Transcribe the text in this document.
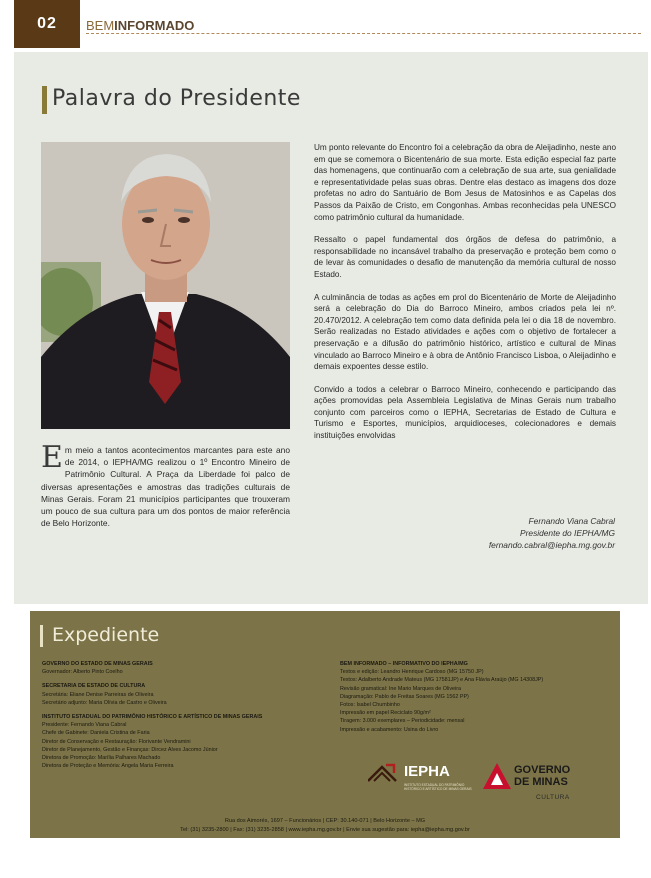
02	BEMINFORMADO
Palavra do Presidente
Em meio a tantos acontecimentos marcantes para este ano de 2014, o IEPHA/MG realizou o 1º Encontro Mineiro de Patrimônio Cultural. A Praça da Liberdade foi palco de diversas apresentações e amostras das tradições culturais de Minas Gerais. Foram 21 municípios participantes que trouxeram um pouco de sua cultura para um dos pontos de maior referência de Belo Horizonte.

Um ponto relevante do Encontro foi a celebração da obra de Aleijadinho, neste ano em que se comemora o Bicentenário de sua morte. Esta edição especial faz parte das homenagens, que continuarão com a celebração de sua arte, sua genialidade e representatividade pelas suas obras. Dentre elas destaco as imagens dos doze profetas no adro do Santuário de Bom Jesus de Matosinhos e as Capelas dos Passos da Paixão de Cristo, em Congonhas. Ambas reconhecidas pela UNESCO como patrimônio cultural da humanidade.

Ressalto o papel fundamental dos órgãos de defesa do patrimônio, a responsabilidade no incansável trabalho da preservação e proteção bem como o de levar às comunidades o desafio de manutenção da memória cultural de nosso Estado.

A culminância de todas as ações em prol do Bicentenário de Morte de Aleijadinho será a celebração do Dia do Barroco Mineiro, ambos criados pela lei nº. 20.470/2012. A celebração tem como data definida pela lei o dia 18 de novembro. Serão realizadas no Estado atividades e ações com o objetivo de fortalecer a preservação e a difusão do patrimônio histórico, artístico e cultural de Minas vinculado ao Barroco Mineiro e à obra de Antônio Francisco Lisboa, o Aleijadinho e demais expoentes desse estilo.

Convido a todos a celebrar o Barroco Mineiro, conhecendo e participando das ações promovidas pela Assembleia Legislativa de Minas Gerais num trabalho conjunto com parceiros como o IEPHA, Secretarias de Estado de Cultura e Turismo e Esportes, municípios, arquidioceses, colecionadores e demais instituições envolvidas

Fernando Viana Cabral
Presidente do IEPHA/MG
fernando.cabral@iepha.mg.gov.br
Expediente
GOVERNO DO ESTADO DE MINAS GERAIS
Governador: Alberto Pinto Coelho
SECRETARIA DE ESTADO DE CULTURA
Secretária: Eliane Denise Parreiras de Oliveira
Secretário adjunto: Maria Olívia de Castro e Oliveira
INSTITUTO ESTADUAL DO PATRIMÔNIO HISTÓRICO E ARTÍSTICO DE MINAS GERAIS
Presidente: Fernando Viana Cabral
Chefe de Gabinete: Daniela Cristina de Faria
Diretor de Conservação e Restauração: Florivante Vendramini
Diretor de Planejamento, Gestão e Finanças: Dircez Alves Jacomo Júnior
Diretora de Promoção: Marília Palhares Machado
Diretora de Proteção e Memória: Angela Maria Ferreira
BEM INFORMADO – INFORMATIVO DO IEPHA/MG
Textos e edição: Leandro Henrique Cardoso (MG 15750 JP)
Textos: Adalberto Andrade Mateus (MG 17581JP) e Ana Flávia Araújo (MG 14308JP)
Revisão gramatical: Ine Mario Marques de Oliveira
Diagramação: Pablo de Freitas Soares (MG 1562 PP)
Fotos: Isabel Chumbinho
Impressão em papel Reciclato 90g/m²
Tiragem: 3.000 exemplares – Periodicidade: mensal
Impressão e acabamento: Usina do Livro
IEPHA
INSTITUTO ESTADUAL DO PATRIMÔNIO HISTÓRICO E ARTÍSTICO DE MINAS GERAIS
GOVERNO
DE MINAS
CULTURA
Rua dos Aimorés, 1697 – Funcionários | CEP: 30.140-071 | Belo Horizonte – MG
Tel: (31) 3235-2800 | Fax: (31) 3235-2858 | www.iepha.mg.gov.br | Envie sua sugestão para: iepha@iepha.mg.gov.br
